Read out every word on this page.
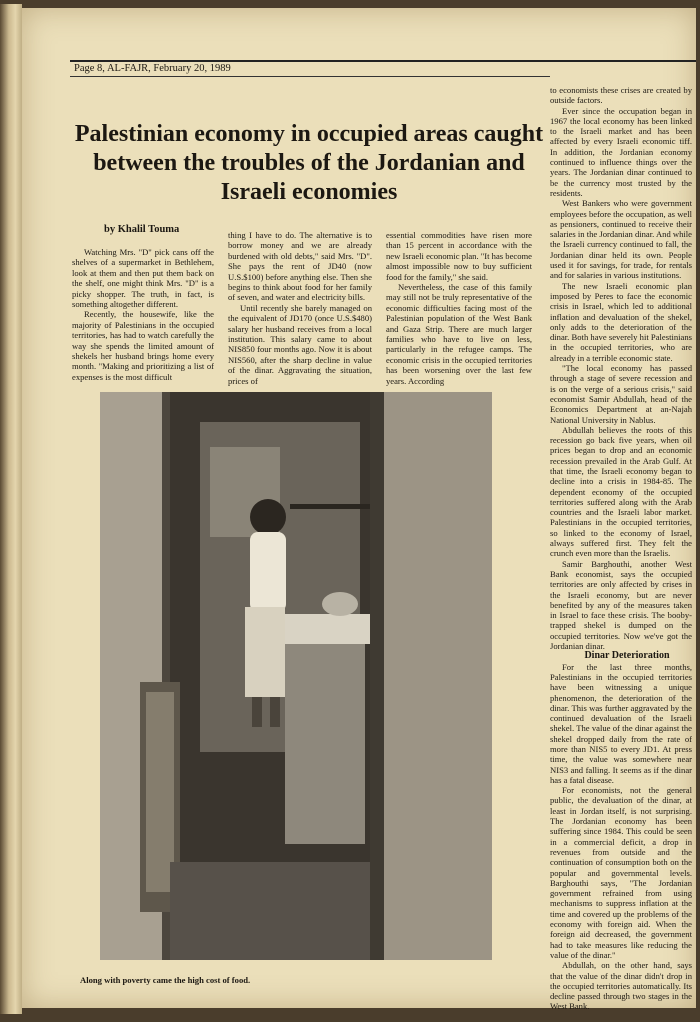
Page 8, AL-FAJR, February 20, 1989
Palestinian economy in occupied areas caught between the troubles of the Jordanian and Israeli economies
by Khalil Touma

Watching Mrs. "D" pick cans off the shelves of a supermarket in Bethlehem, look at them and then put them back on the shelf, one might think Mrs. "D" is a picky shopper. The truth, in fact, is something altogether different.

Recently, the housewife, like the majority of Palestinians in the occupied territories, has had to watch carefully the way she spends the limited amount of shekels her husband brings home every month. "Making and prioritizing a list of expenses is the most difficult

thing I have to do. The alternative is to borrow money and we are already burdened with old debts," said Mrs. "D". She pays the rent of JD40 (now U.S.$100) before anything else. Then she begins to think about food for her family of seven, and water and electricity bills.

Until recently she barely managed on the equivalent of JD170 (once U.S.$480) salary her husband receives from a local institution. This salary came to about NIS850 four months ago. Now it is about NIS560, after the sharp decline in value of the dinar. Aggravating the situation, prices of

essential commodities have risen more than 15 percent in accordance with the new Israeli economic plan. "It has become almost impossible now to buy sufficient food for the family," she said.

Nevertheless, the case of this family may still not be truly representative of the economic difficulties facing most of the Palestinian population of the West Bank and Gaza Strip. There are much larger families who have to live on less, particularly in the refugee camps. The economic crisis in the occupied territories has been worsening over the last few years. According

to economists these crises are created by outside factors.

Ever since the occupation began in 1967 the local economy has been linked to the Israeli market and has been affected by every Israeli economic tiff. In addition, the Jordanian economy continued to influence things over the years. The Jordanian dinar continued to be the currency most trusted by the residents.

West Bankers who were government employees before the occupation, as well as pensioners, continued to receive their salaries in the Jordanian dinar. And while the Israeli currency continued to fall, the Jordanian dinar held its own. People used it for savings, for trade, for rentals and for salaries in various institutions.

The new Israeli economic plan imposed by Peres to face the economic crisis in Israel, which led to additional inflation and devaluation of the shekel, only adds to the deterioration of the dinar. Both have severely hit Palestinians in the occupied territories, who are already in a terrible economic state.

"The local economy has passed through a stage of severe recession and is on the verge of a serious crisis," said economist Samir Abdullah, head of the Economics Department at an-Najah National University in Nablus.

Abdullah believes the roots of this recession go back five years, when oil prices began to drop and an economic recession prevailed in the Arab Gulf. At that time, the Israeli economy began to decline into a crisis in 1984-85. The dependent economy of the occupied territories suffered along with the Arab countries and the Israeli labor market. Palestinians in the occupied territories, so linked to the economy of Israel, always suffered first. They felt the crunch even more than the Israelis.

Samir Barghouthi, another West Bank economist, says the occupied territories are only affected by crises in the Israeli economy, but are never benefited by any of the measures taken in Israel to face these crisis. The booby-trapped shekel is dumped on the occupied territories. Now we've got the Jordanian dinar.

Dinar Deterioration

For the last three months, Palestinians in the occupied territories have been witnessing a unique phenomenon, the deterioration of the dinar. This was further aggravated by the continued devaluation of the Israeli shekel. The value of the dinar against the shekel dropped daily from the rate of more than NIS5 to every JD1. At press time, the value was somewhere near NIS3 and falling. It seems as if the dinar has a fatal disease.

For economists, not the general public, the devaluation of the dinar, at least in Jordan itself, is not surprising. The Jordanian economy has been suffering since 1984. This could be seen in a commercial deficit, a drop in revenues from outside and the continuation of consumption both on the popular and governmental levels. Barghouthi says, "The Jordanian government refrained from using mechanisms to suppress inflation at the time and covered up the problems of the economy with foreign aid. When the foreign aid decreased, the government had to take measures like reducing the value of the dinar."

Abdullah, on the other hand, says that the value of the dinar didn't drop in the occupied territories automatically. Its decline passed through two stages in the West Bank.

Along with poverty came the high cost of food.
